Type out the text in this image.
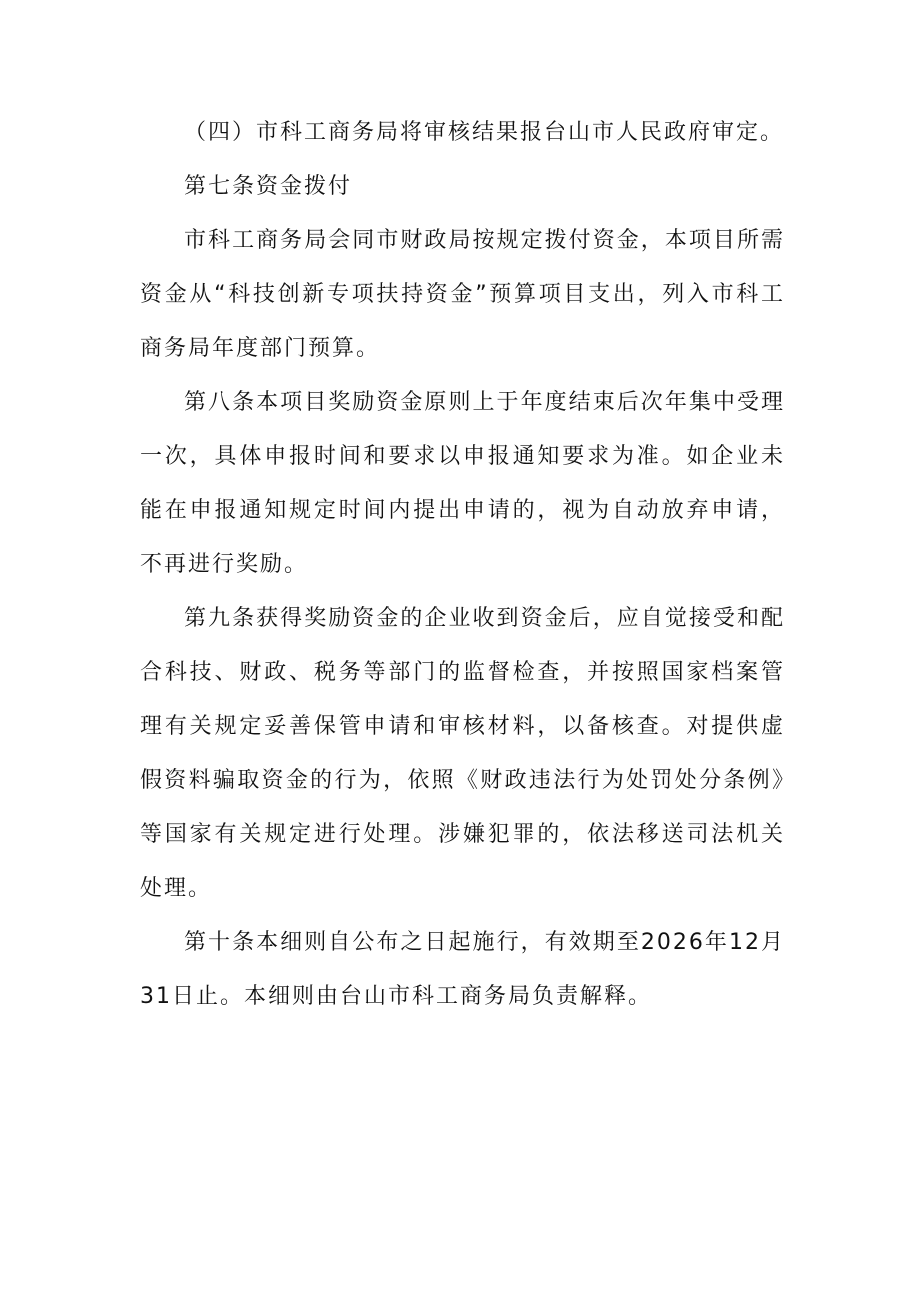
（四）市科工商务局将审核结果报台山市人民政府审定。

第七条资金拨付

市科工商务局会同市财政局按规定拨付资金，本项目所需资金从“科技创新专项扶持资金”预算项目支出，列入市科工商务局年度部门预算。

第八条本项目奖励资金原则上于年度结束后次年集中受理一次，具体申报时间和要求以申报通知要求为准。如企业未能在申报通知规定时间内提出申请的，视为自动放弃申请，不再进行奖励。

第九条获得奖励资金的企业收到资金后，应自觉接受和配合科技、财政、税务等部门的监督检查，并按照国家档案管理有关规定妥善保管申请和审核材料，以备核查。对提供虚假资料骗取资金的行为，依照《财政违法行为处罚处分条例》等国家有关规定进行处理。涉嫌犯罪的，依法移送司法机关处理。

第十条本细则自公布之日起施行，有效期至2026年12月31日止。本细则由台山市科工商务局负责解释。
